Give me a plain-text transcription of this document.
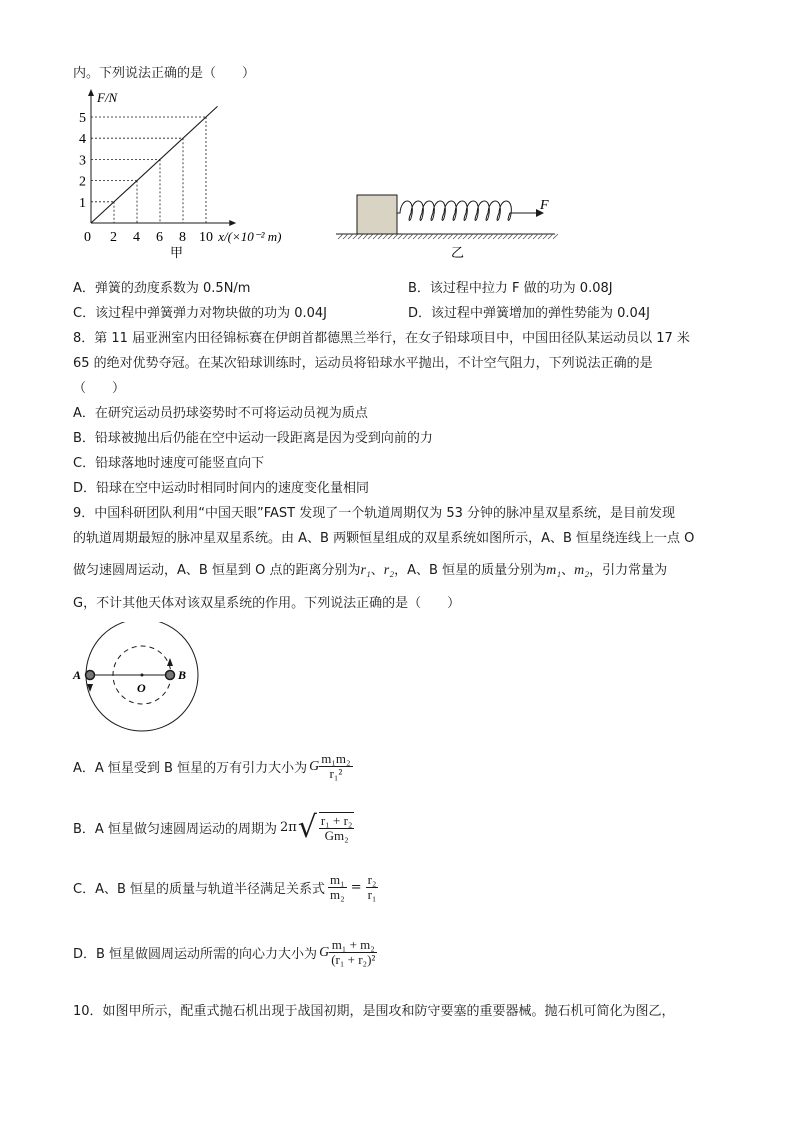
内。下列说法正确的是（　　）
1
2
3
4
5
0 2 4 6 8 10
F/N
x/(×10⁻² m)
甲
F
乙
A．弹簧的劲度系数为 0.5N/m	B．该过程中拉力 F 做的功为 0.08J
C．该过程中弹簧弹力对物块做的功为 0.04J	D．该过程中弹簧增加的弹性势能为 0.04J
8．第 11 届亚洲室内田径锦标赛在伊朗首都德黑兰举行，在女子铅球项目中，中国田径队某运动员以 17 米
65 的绝对优势夺冠。在某次铅球训练时，运动员将铅球水平抛出，不计空气阻力，下列说法正确的是
（　　）
A．在研究运动员扔球姿势时不可将运动员视为质点
B．铅球被抛出后仍能在空中运动一段距离是因为受到向前的力
C．铅球落地时速度可能竖直向下
D．铅球在空中运动时相同时间内的速度变化量相同
9．中国科研团队利用“中国天眼”FAST 发现了一个轨道周期仅为 53 分钟的脉冲星双星系统，是目前发现
的轨道周期最短的脉冲星双星系统。由 A、B 两颗恒星组成的双星系统如图所示，A、B 恒星绕连线上一点 O
做匀速圆周运动，A、B 恒星到 O 点的距离分别为r₁、r₂，A、B 恒星的质量分别为m₁、m₂，引力常量为
G，不计其他天体对该双星系统的作用。下列说法正确的是（　　）
A	B
O
A．A 恒星受到 B 恒星的万有引力大小为 G $\frac{\text{m₁m₂}}{\text{r₁²}}$
B．A 恒星做匀速圆周运动的周期为 2π √ $\frac{\text{r₁ + r₂}}{\text{Gm₂}}$
C．A、B 恒星的质量与轨道半径满足关系式 $\frac{\text{m₁}}{\text{m₂}} = \frac{\text{r₂}}{\text{r₁}}$
D．B 恒星做圆周运动所需的向心力大小为 G $\frac{\text{m₁ + m₂}}{\text{(r₁ + r₂)²}}$
10．如图甲所示，配重式抛石机出现于战国初期，是围攻和防守要塞的重要器械。抛石机可简化为图乙，
